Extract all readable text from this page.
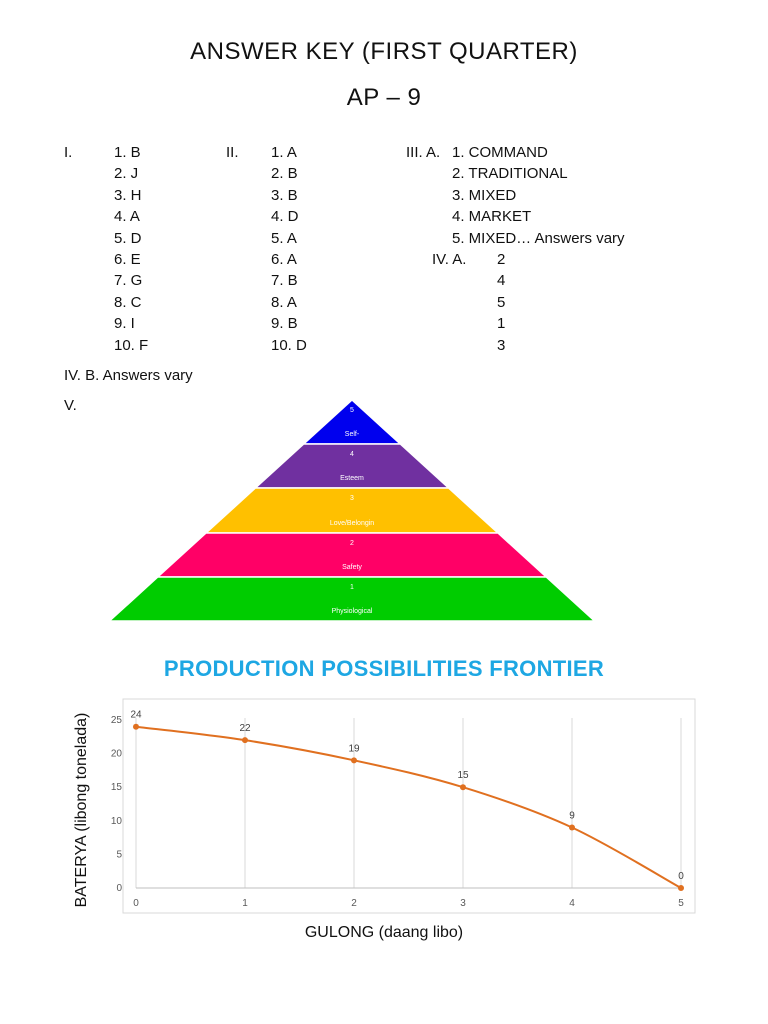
ANSWER KEY (FIRST QUARTER)
AP – 9
I.	1. B
2. J
3. H
4. A
5. D
6. E
7. G
8. C
9. I
10. F
II. 1. A
2. B
3. B
4. D
5. A
6. A
7. B
8. A
9. B
10. D
III. A. 1. COMMAND
2. TRADITIONAL
3. MIXED
4. MARKET
5. MIXED… Answers vary
IV. A. 2
4
5
1
3
IV. B. Answers vary
V.	5
Self-
4
Esteem
3
Love/Belongin
2
Safety
1
Physiological
PRODUCTION POSSIBILITIES FRONTIER
0
5
10
15
20
25
0	1	2	3	4	5
BATERYA (libong tonelada)	24
22
19
15
9
0
GULONG (daang libo)
